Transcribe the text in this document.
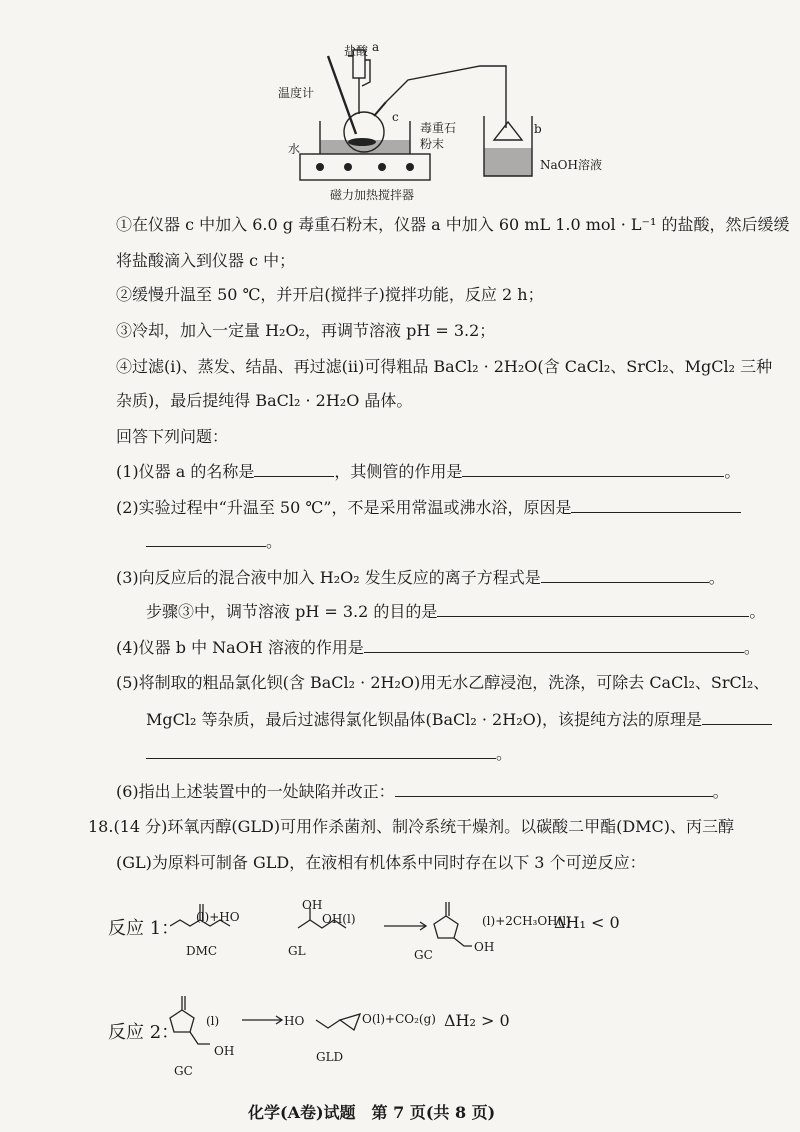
盐酸 a
温度计
c
毒重石粉末
水
磁力加热搅拌器
b
NaOH溶液
①在仪器 c 中加入 6.0 g 毒重石粉末，仪器 a 中加入 60 mL 1.0 mol · L⁻¹ 的盐酸，然后缓缓
将盐酸滴入到仪器 c 中；
②缓慢升温至 50 ℃，并开启(搅拌子)搅拌功能，反应 2 h；
③冷却，加入一定量 H₂O₂，再调节溶液 pH = 3.2；
④过滤(ⅰ)、蒸发、结晶、再过滤(ⅱ)可得粗品 BaCl₂ · 2H₂O(含 CaCl₂、SrCl₂、MgCl₂ 三种
杂质)，最后提纯得 BaCl₂ · 2H₂O 晶体。
回答下列问题：
(1)仪器 a 的名称是	，其侧管的作用是	。
(2)实验过程中“升温至 50 ℃”，不是采用常温或沸水浴，原因是
。
(3)向反应后的混合液中加入 H₂O₂ 发生反应的离子方程式是	。
步骤③中，调节溶液 pH = 3.2 的目的是	。
(4)仪器 b 中 NaOH 溶液的作用是	。
(5)将制取的粗品氯化钡(含 BaCl₂ · 2H₂O)用无水乙醇浸泡，洗涤，可除去 CaCl₂、SrCl₂、
MgCl₂ 等杂质，最后过滤得氯化钡晶体(BaCl₂ · 2H₂O)，该提纯方法的原理是
。
(6)指出上述装置中的一处缺陷并改正：	。
18.(14 分)环氧丙醇(GLD)可用作杀菌剂、制冷系统干燥剂。以碳酸二甲酯(DMC)、丙三醇
(GL)为原料可制备 GLD，在液相有机体系中同时存在以下 3 个可逆反应：
反应 1：
(l)+HO
OH
OH(l)	(l)+2CH₃OH(l)
ΔH₁ < 0
DMC	GL	GC
OH
反应 2：
(l)	HO	O(l)+CO₂(g) ΔH₂ > 0
OH
GC
GLD
化学(A卷)试题　第 7 页(共 8 页)
